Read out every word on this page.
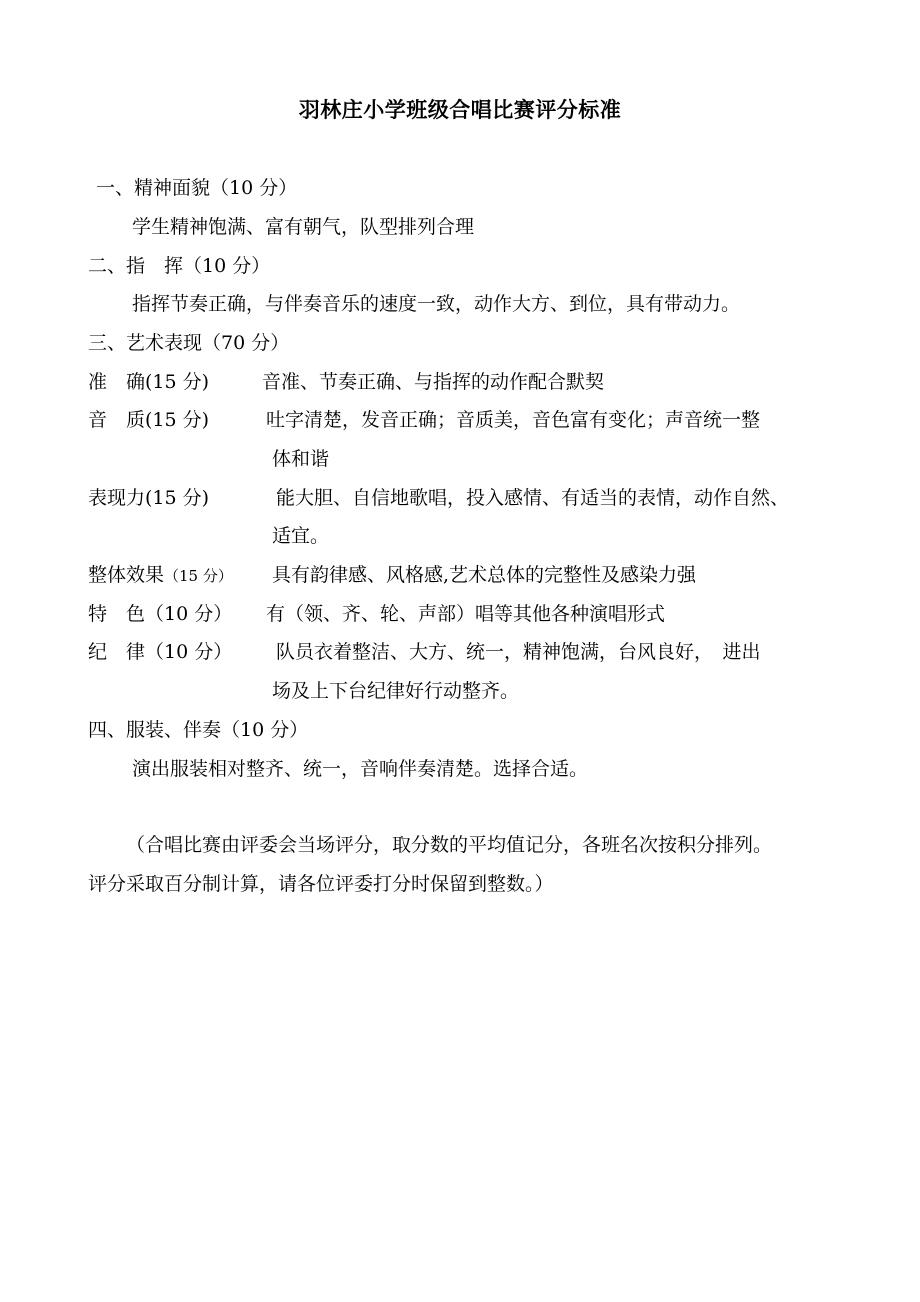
羽林庄小学班级合唱比赛评分标准
一、精神面貌（10 分）
学生精神饱满、富有朝气，队型排列合理
二、指　挥（10 分）
指挥节奏正确，与伴奏音乐的速度一致，动作大方、到位，具有带动力。
三、艺术表现（70 分）
准　确(15 分)	音准、节奏正确、与指挥的动作配合默契
音　质(15 分)	吐字清楚，发音正确；音质美，音色富有变化；声音统一整
体和谐
表现力(15 分)	能大胆、自信地歌唱，投入感情、有适当的表情，动作自然、
适宜。
整体效果（15 分） 具有韵律感、风格感,艺术总体的完整性及感染力强
特　色（10 分） 有（领、齐、轮、声部）唱等其他各种演唱形式
纪　律（10 分） 队员衣着整洁、大方、统一，精神饱满，台风良好，　进出
场及上下台纪律好行动整齐。
四、服装、伴奏（10 分）
演出服装相对整齐、统一，音响伴奏清楚。选择合适。
（合唱比赛由评委会当场评分，取分数的平均值记分，各班名次按积分排列。
评分采取百分制计算，请各位评委打分时保留到整数。）
